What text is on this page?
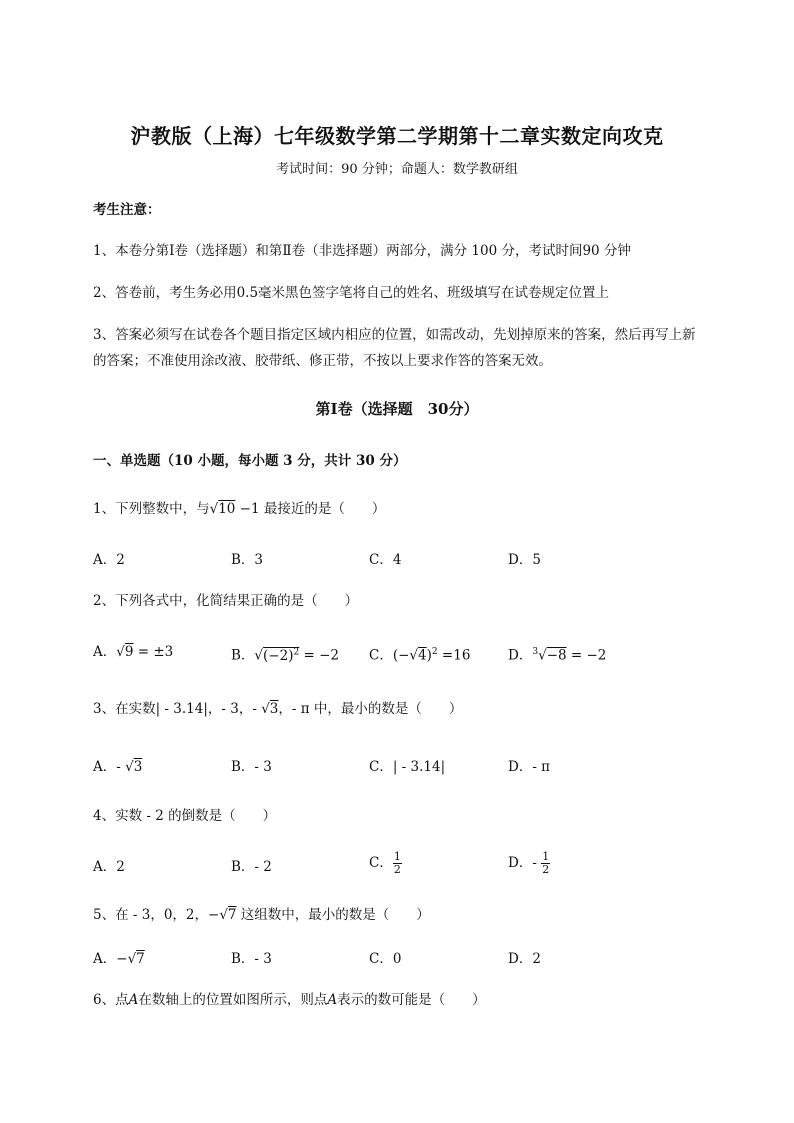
沪教版（上海）七年级数学第二学期第十二章实数定向攻克
考试时间：90 分钟；命题人：数学教研组
考生注意：
1、本卷分第Ⅰ卷（选择题）和第Ⅱ卷（非选择题）两部分，满分 100 分，考试时间90 分钟
2、答卷前，考生务必用0.5毫米黑色签字笔将自己的姓名、班级填写在试卷规定位置上
3、答案必须写在试卷各个题目指定区域内相应的位置，如需改动，先划掉原来的答案，然后再写上新
的答案；不准使用涂改液、胶带纸、修正带，不按以上要求作答的答案无效。
第Ⅰ卷（选择题　30分）
一、单选题（10 小题，每小题 3 分，共计 30 分）
1、下列整数中，与√10 −1 最接近的是（　　）
A．2	B．3	C．4	D．5
2、下列各式中，化简结果正确的是（　　）
A．√9 = ±3	B．$√(-2)^2 = -2$ C．$(-√4)^2 =16$	D．$^3$√−8 = −2
3、在实数| - 3.14|，- 3，- √3，- π 中，最小的数是（　　）
A．- √3	B．- 3	C．| - 3.14|	D．- π
4、实数 - 2 的倒数是（　　）
A．2	B．- 2	C． $\frac{1}{2}$	D．- $\frac{1}{2}$
5、在 - 3，0，2，−√7 这组数中，最小的数是（　　）
A．−√7	B．- 3	C．0	D．2
6、点A在数轴上的位置如图所示，则点A表示的数可能是（　　）
